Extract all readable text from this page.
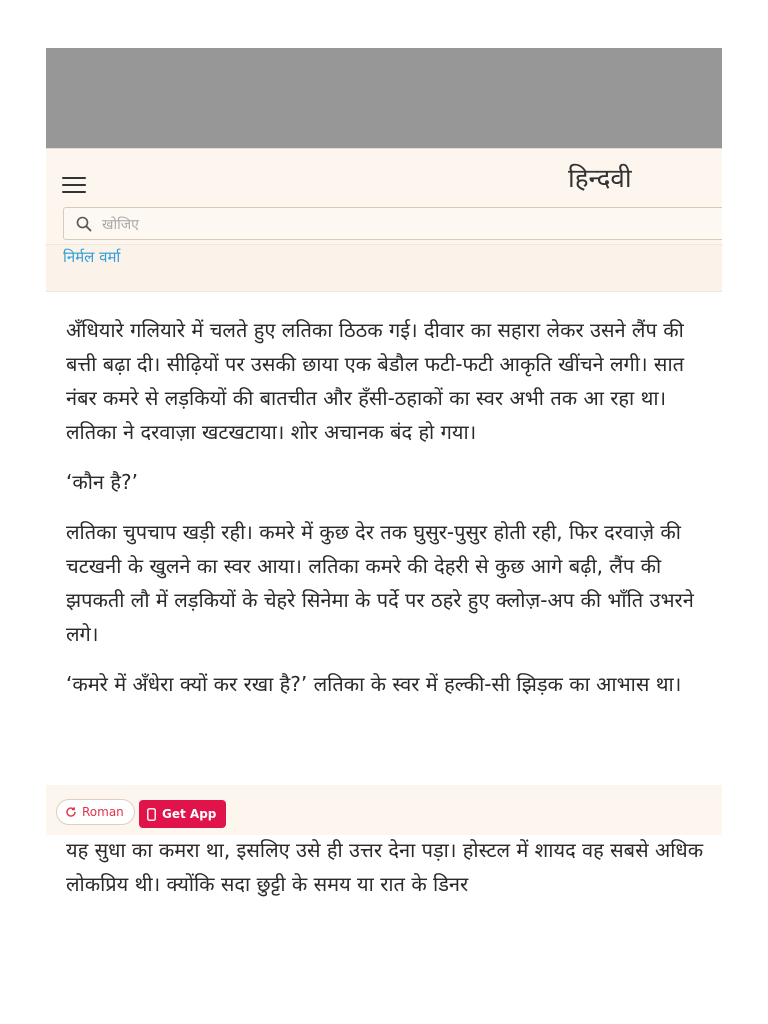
हिन्दवी
खोजिए
निर्मल वर्मा

अँधियारे गलियारे में चलते हुए लतिका ठिठक गई। दीवार का सहारा लेकर उसने लैंप की बत्ती बढ़ा दी। सीढ़ियों पर उसकी छाया एक बेडौल फटी-फटी आकृति खींचने लगी। सात नंबर कमरे से लड़कियों की बातचीत और हँसी-ठहाकों का स्वर अभी तक आ रहा था। लतिका ने दरवाज़ा खटखटाया। शोर अचानक बंद हो गया।

‘कौन है?’

लतिका चुपचाप खड़ी रही। कमरे में कुछ देर तक घुसुर-पुसुर होती रही, फिर दरवाज़े की चटखनी के खुलने का स्वर आया। लतिका कमरे की देहरी से कुछ आगे बढ़ी, लैंप की झपकती लौ में लड़कियों के चेहरे सिनेमा के पर्दे पर ठहरे हुए क्लोज़-अप की भाँति उभरने लगे।

‘कमरे में अँधेरा क्यों कर रखा है?’ लतिका के स्वर में हल्की-सी झिड़क का आभास था।

Roman	Get App
यह सुधा का कमरा था, इसलिए उसे ही उत्तर देना पड़ा। होस्टल में शायद वह सबसे अधिक लोकप्रिय थी। क्योंकि सदा छुट्टी के समय या रात के डिनर
